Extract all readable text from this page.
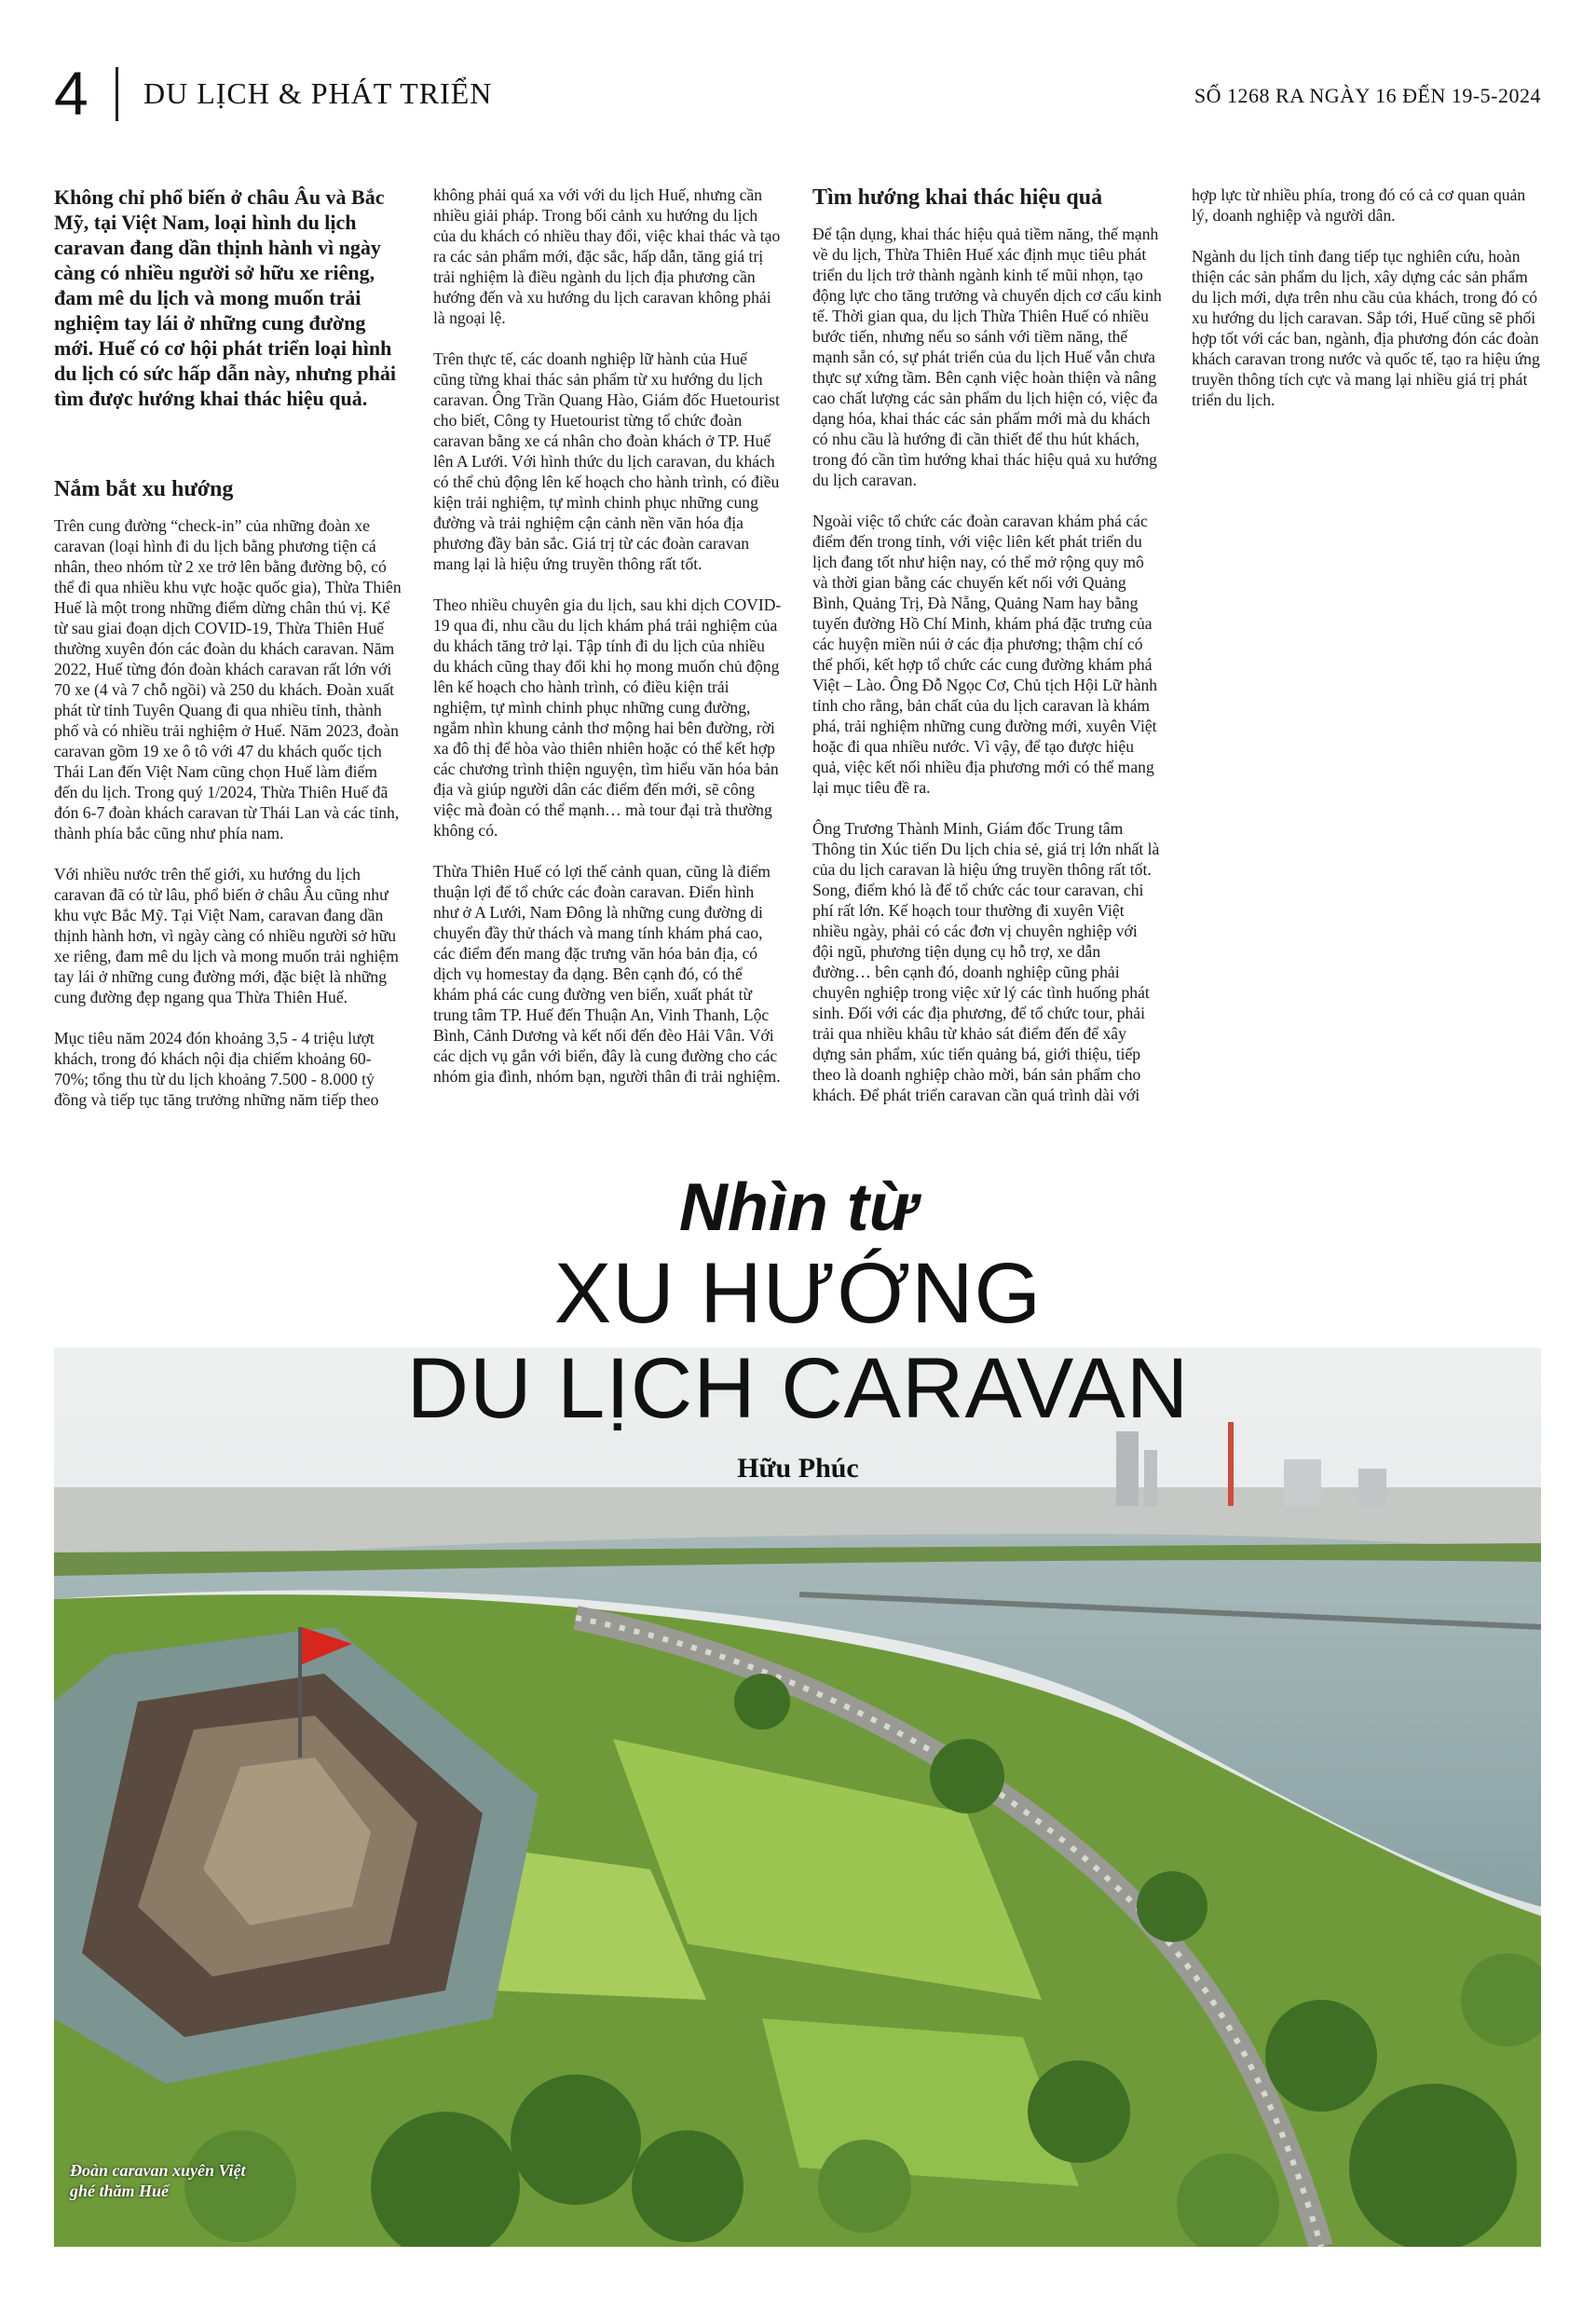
4 DU LỊCH & PHÁT TRIỂN	SỐ 1268 RA NGÀY 16 ĐẾN 19-5-2024

Không chỉ phổ biến ở châu Âu và Bắc Mỹ, tại Việt Nam, loại hình du lịch caravan đang dần thịnh hành vì ngày càng có nhiều người sở hữu xe riêng, đam mê du lịch và mong muốn trải nghiệm tay lái ở những cung đường mới. Huế có cơ hội phát triển loại hình du lịch có sức hấp dẫn này, nhưng phải tìm được hướng khai thác hiệu quả.

Nắm bắt xu hướng

Trên cung đường “check-in” của những đoàn xe caravan (loại hình đi du lịch bằng phương tiện cá nhân, theo nhóm từ 2 xe trở lên bằng đường bộ, có thể đi qua nhiều khu vực hoặc quốc gia), Thừa Thiên Huế là một trong những điểm dừng chân thú vị. Kể từ sau giai đoạn dịch COVID-19, Thừa Thiên Huế thường xuyên đón các đoàn du khách caravan. Năm 2022, Huế từng đón đoàn khách caravan rất lớn với 70 xe (4 và 7 chỗ ngồi) và 250 du khách. Đoàn xuất phát từ tỉnh Tuyên Quang đi qua nhiều tỉnh, thành phố và có nhiều trải nghiệm ở Huế. Năm 2023, đoàn caravan gồm 19 xe ô tô với 47 du khách quốc tịch Thái Lan đến Việt Nam cũng chọn Huế làm điểm đến du lịch. Trong quý 1/2024, Thừa Thiên Huế đã đón 6-7 đoàn khách caravan từ Thái Lan và các tỉnh, thành phía bắc cũng như phía nam.

Với nhiều nước trên thế giới, xu hướng du lịch caravan đã có từ lâu, phổ biến ở châu Âu cũng như khu vực Bắc Mỹ. Tại Việt Nam, caravan đang dần thịnh hành hơn, vì ngày càng có nhiều người sở hữu xe riêng, đam mê du lịch và mong muốn trải nghiệm tay lái ở những cung đường mới, đặc biệt là những cung đường đẹp ngang qua Thừa Thiên Huế.

Mục tiêu năm 2024 đón khoảng 3,5 - 4 triệu lượt khách, trong đó khách nội địa chiếm khoảng 60-70%; tổng thu từ du lịch khoảng 7.500 - 8.000 tỷ đồng và tiếp tục tăng trưởng những năm tiếp theo không phải quá xa với với du lịch Huế, nhưng cần nhiều giải pháp. Trong bối cảnh xu hướng du lịch của du khách có nhiều thay đổi, việc khai thác và tạo ra các sản phẩm mới, đặc sắc, hấp dẫn, tăng giá trị trải nghiệm là điều ngành du lịch địa phương cần hướng đến và xu hướng du lịch caravan không phải là ngoại lệ.

Trên thực tế, các doanh nghiệp lữ hành của Huế cũng từng khai thác sản phẩm từ xu hướng du lịch caravan. Ông Trần Quang Hào, Giám đốc Huetourist cho biết, Công ty Huetourist từng tổ chức đoàn caravan bằng xe cá nhân cho đoàn khách ở TP. Huế lên A Lưới. Với hình thức du lịch caravan, du khách có thể chủ động lên kế hoạch cho hành trình, có điều kiện trải nghiệm, tự mình chinh phục những cung đường và trải nghiệm cận cảnh nền văn hóa địa phương đầy bản sắc. Giá trị từ các đoàn caravan mang lại là hiệu ứng truyền thông rất tốt.

Theo nhiều chuyên gia du lịch, sau khi dịch COVID-19 qua đi, nhu cầu du lịch khám phá trải nghiệm của du khách tăng trở lại. Tập tính đi du lịch của nhiều du khách cũng thay đổi khi họ mong muốn chủ động lên kế hoạch cho hành trình, có điều kiện trải nghiệm, tự mình chinh phục những cung đường, ngắm nhìn khung cảnh thơ mộng hai bên đường, rời xa đô thị để hòa vào thiên nhiên hoặc có thể kết hợp các chương trình thiện nguyện, tìm hiểu văn hóa bản địa và giúp người dân các điểm đến mới, sẽ công việc mà đoàn có thể mạnh… mà tour đại trà thường không có.

Thừa Thiên Huế có lợi thế cảnh quan, cũng là điểm thuận lợi để tổ chức các đoàn caravan. Điển hình như ở A Lưới, Nam Đông là những cung đường di chuyển đầy thử thách và mang tính khám phá cao, các điểm đến mang đặc trưng văn hóa bản địa, có dịch vụ homestay đa dạng. Bên cạnh đó, có thể khám phá các cung đường ven biển, xuất phát từ trung tâm TP. Huế đến Thuận An, Vinh Thanh, Lộc Bình, Cảnh Dương và kết nối đến đèo Hải Vân. Với các dịch vụ gắn với biển, đây là cung đường cho các nhóm gia đình, nhóm bạn, người thân đi trải nghiệm.

Tìm hướng khai thác hiệu quả

Để tận dụng, khai thác hiệu quả tiềm năng, thế mạnh về du lịch, Thừa Thiên Huế xác định mục tiêu phát triển du lịch trở thành ngành kinh tế mũi nhọn, tạo động lực cho tăng trưởng và chuyển dịch cơ cấu kinh tế. Thời gian qua, du lịch Thừa Thiên Huế có nhiều bước tiến, nhưng nếu so sánh với tiềm năng, thế mạnh sẵn có, sự phát triển của du lịch Huế vẫn chưa thực sự xứng tầm. Bên cạnh việc hoàn thiện và nâng cao chất lượng các sản phẩm du lịch hiện có, việc đa dạng hóa, khai thác các sản phẩm mới mà du khách có nhu cầu là hướng đi cần thiết để thu hút khách, trong đó cần tìm hướng khai thác hiệu quả xu hướng du lịch caravan.

Ngoài việc tổ chức các đoàn caravan khám phá các điểm đến trong tỉnh, với việc liên kết phát triển du lịch đang tốt như hiện nay, có thể mở rộng quy mô và thời gian bằng các chuyến kết nối với Quảng Bình, Quảng Trị, Đà Nẵng, Quảng Nam hay bằng tuyến đường Hồ Chí Minh, khám phá đặc trưng của các huyện miền núi ở các địa phương; thậm chí có thể phối, kết hợp tổ chức các cung đường khám phá Việt – Lào. Ông Đỗ Ngọc Cơ, Chủ tịch Hội Lữ hành tỉnh cho rằng, bản chất của du lịch caravan là khám phá, trải nghiệm những cung đường mới, xuyên Việt hoặc đi qua nhiều nước. Vì vậy, để tạo được hiệu quả, việc kết nối nhiều địa phương mới có thể mang lại mục tiêu đề ra.

Ông Trương Thành Minh, Giám đốc Trung tâm Thông tin Xúc tiến Du lịch chia sẻ, giá trị lớn nhất là của du lịch caravan là hiệu ứng truyền thông rất tốt. Song, điểm khó là để tổ chức các tour caravan, chi phí rất lớn. Kế hoạch tour thường đi xuyên Việt nhiều ngày, phải có các đơn vị chuyên nghiệp với đội ngũ, phương tiện dụng cụ hỗ trợ, xe dẫn đường… bên cạnh đó, doanh nghiệp cũng phải chuyên nghiệp trong việc xử lý các tình huống phát sinh. Đối với các địa phương, để tổ chức tour, phải trải qua nhiều khâu từ khảo sát điểm đến để xây dựng sản phẩm, xúc tiến quảng bá, giới thiệu, tiếp theo là doanh nghiệp chào mời, bán sản phẩm cho khách. Để phát triển caravan cần quá trình dài với hợp lực từ nhiều phía, trong đó có cả cơ quan quản lý, doanh nghiệp và người dân.

Ngành du lịch tỉnh đang tiếp tục nghiên cứu, hoàn thiện các sản phẩm du lịch, xây dựng các sản phẩm du lịch mới, dựa trên nhu cầu của khách, trong đó có xu hướng du lịch caravan. Sắp tới, Huế cũng sẽ phối hợp tốt với các ban, ngành, địa phương đón các đoàn khách caravan trong nước và quốc tế, tạo ra hiệu ứng truyền thông tích cực và mang lại nhiều giá trị phát triển du lịch.

Nhìn từ
XU HƯỚNG
DU LỊCH CARAVAN
Hữu Phúc
Đoàn caravan xuyên Việt
ghé thăm Huế
